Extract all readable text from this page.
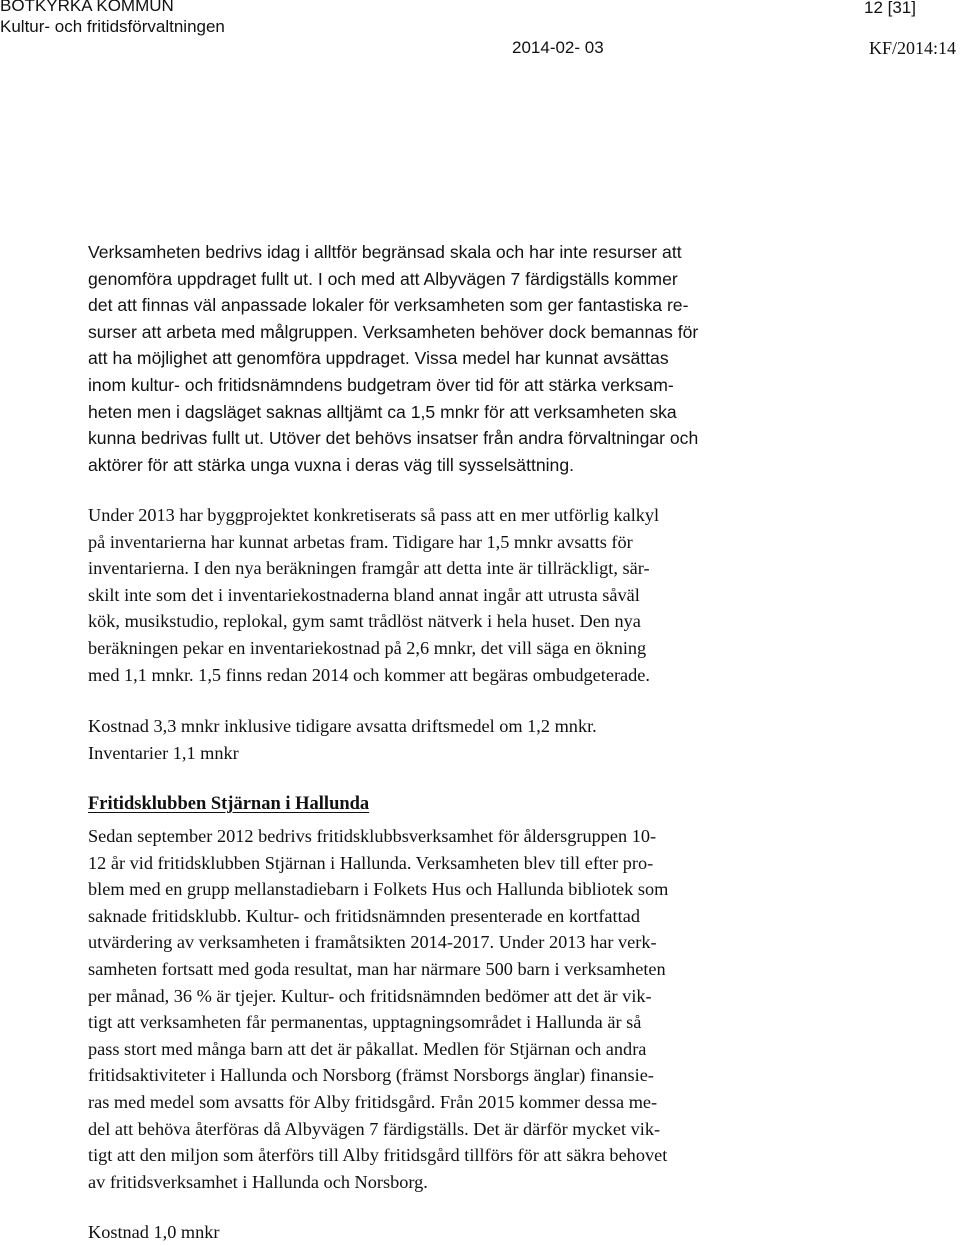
BOTKYRKA KOMMUN
Kultur- och fritidsförvaltningen
12 [31]
2014-02- 03	KF/2014:14

Verksamheten bedrivs idag i alltför begränsad skala och har inte resurser att
genomföra uppdraget fullt ut. I och med att Albyvägen 7 färdigställs kommer
det att finnas väl anpassade lokaler för verksamheten som ger fantastiska re-
surser att arbeta med målgruppen. Verksamheten behöver dock bemannas för
att ha möjlighet att genomföra uppdraget. Vissa medel har kunnat avsättas
inom kultur- och fritidsnämndens budgetram över tid för att stärka verksam-
heten men i dagsläget saknas alltjämt ca 1,5 mnkr för att verksamheten ska
kunna bedrivas fullt ut. Utöver det behövs insatser från andra förvaltningar och
aktörer för att stärka unga vuxna i deras väg till sysselsättning.

Under 2013 har byggprojektet konkretiserats så pass att en mer utförlig kalkyl
på inventarierna har kunnat arbetas fram. Tidigare har 1,5 mnkr avsatts för
inventarierna. I den nya beräkningen framgår att detta inte är tillräckligt, sär-
skilt inte som det i inventariekostnaderna bland annat ingår att utrusta såväl
kök, musikstudio, replokal, gym samt trådlöst nätverk i hela huset. Den nya
beräkningen pekar en inventariekostnad på 2,6 mnkr, det vill säga en ökning
med 1,1 mnkr. 1,5 finns redan 2014 och kommer att begäras ombudgeterade.

Kostnad 3,3 mnkr inklusive tidigare avsatta driftsmedel om 1,2 mnkr.
Inventarier 1,1 mnkr

Fritidsklubben Stjärnan i Hallunda

Sedan september 2012 bedrivs fritidsklubbsverksamhet för åldersgruppen 10-
12 år vid fritidsklubben Stjärnan i Hallunda. Verksamheten blev till efter pro-
blem med en grupp mellanstadiebarn i Folkets Hus och Hallunda bibliotek som
saknade fritidsklubb. Kultur- och fritidsnämnden presenterade en kortfattad
utvärdering av verksamheten i framåtsikten 2014-2017. Under 2013 har verk-
samheten fortsatt med goda resultat, man har närmare 500 barn i verksamheten
per månad, 36 % är tjejer. Kultur- och fritidsnämnden bedömer att det är vik-
tigt att verksamheten får permanentas, upptagningsområdet i Hallunda är så
pass stort med många barn att det är påkallat. Medlen för Stjärnan och andra
fritidsaktiviteter i Hallunda och Norsborg (främst Norsborgs änglar) finansie-
ras med medel som avsatts för Alby fritidsgård. Från 2015 kommer dessa me-
del att behöva återföras då Albyvägen 7 färdigställs. Det är därför mycket vik-
tigt att den miljon som återförs till Alby fritidsgård tillförs för att säkra behovet
av fritidsverksamhet i Hallunda och Norsborg.

Kostnad 1,0 mnkr
